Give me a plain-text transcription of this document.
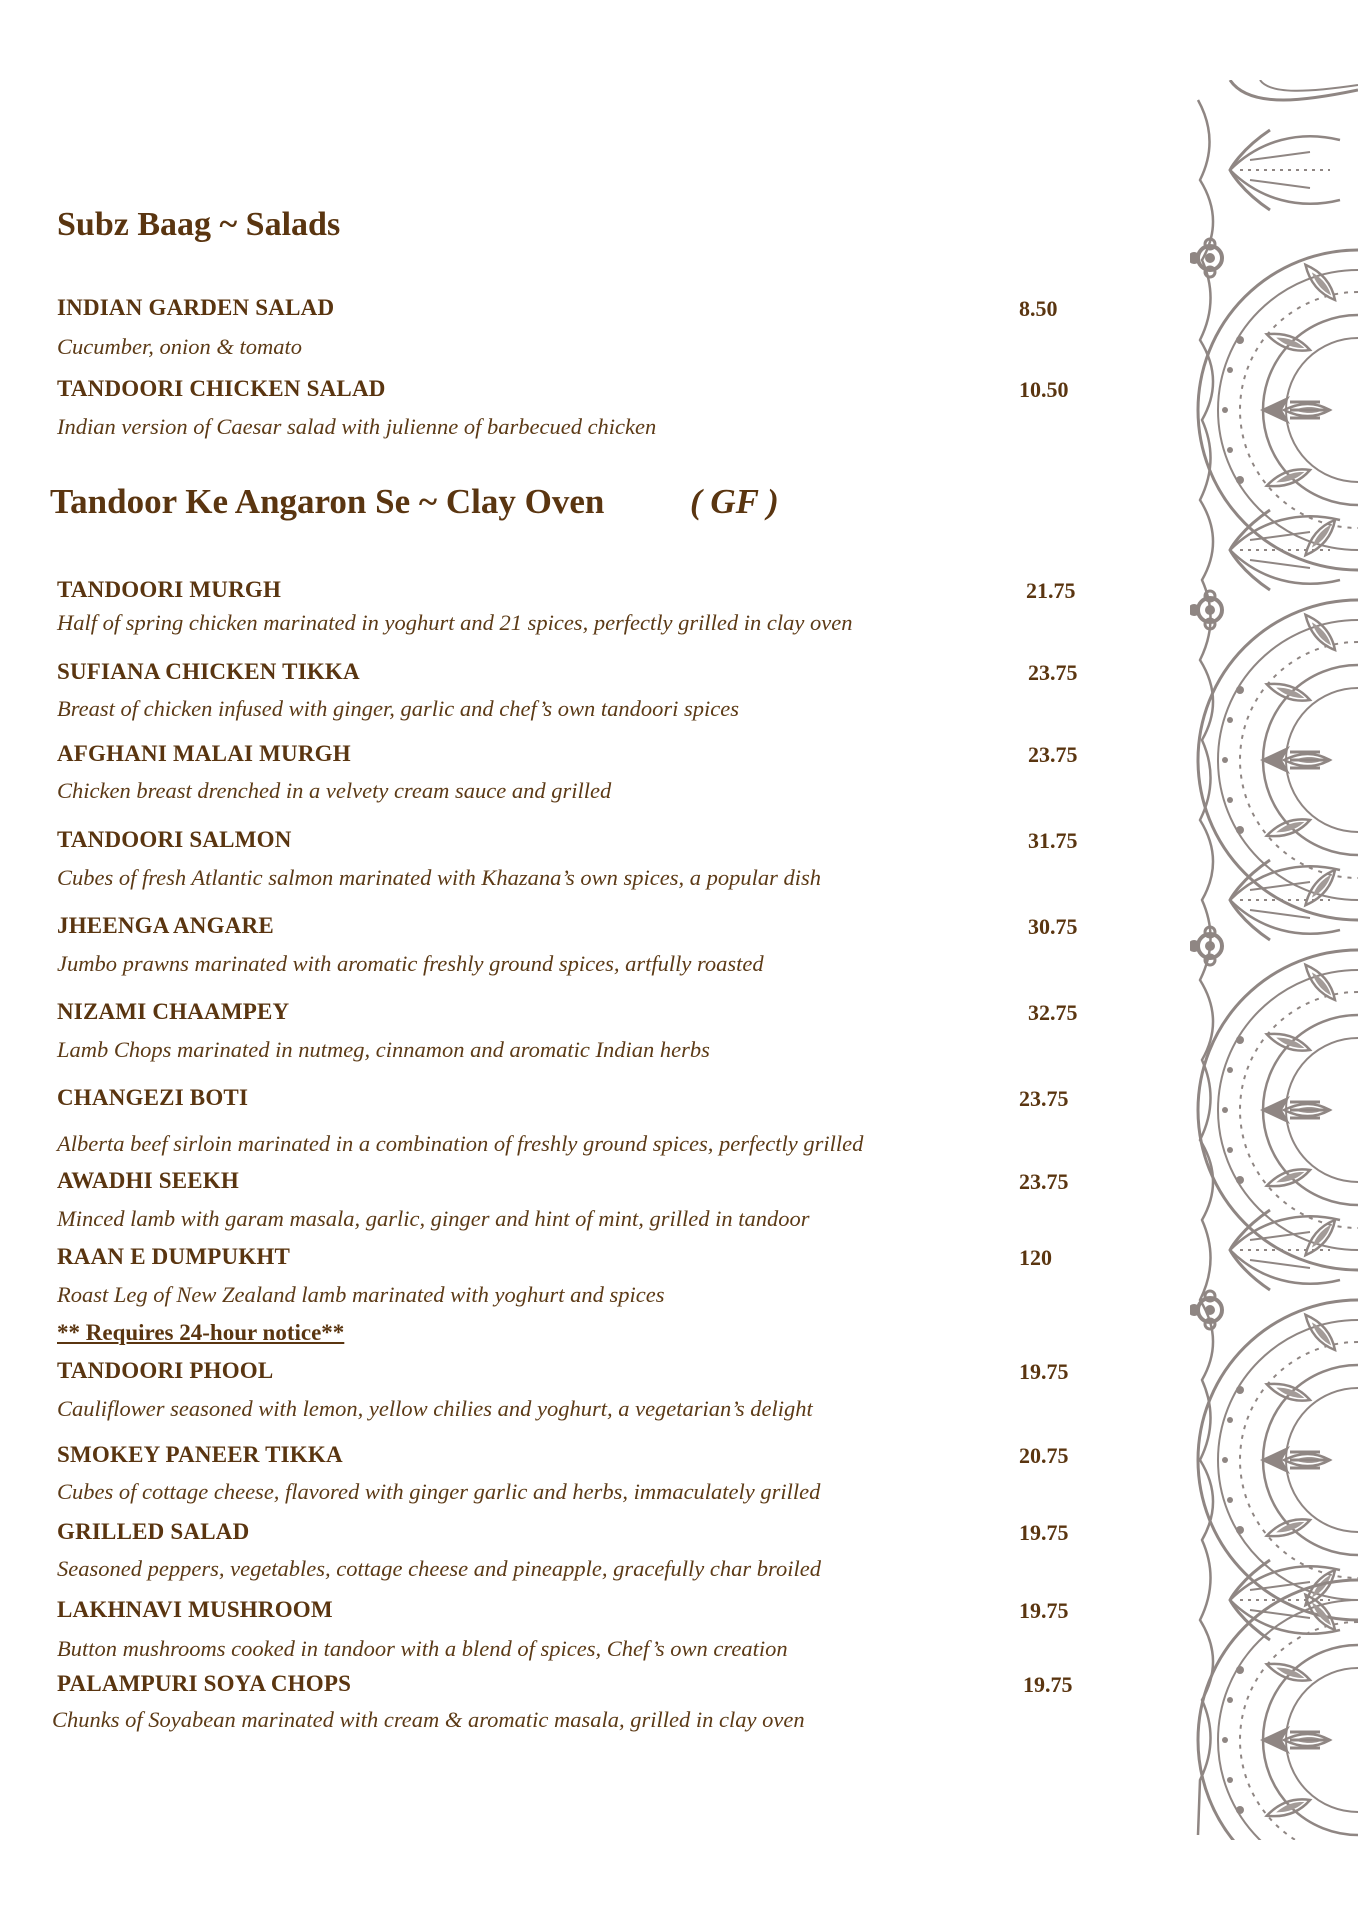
Subz Baag ~ Salads
INDIAN GARDEN SALAD	8.50
Cucumber, onion & tomato
TANDOORI CHICKEN SALAD	10.50
Indian version of Caesar salad with julienne of barbecued chicken
Tandoor Ke Angaron Se ~ Clay Oven ( GF )
TANDOORI MURGH	21.75
Half of spring chicken marinated in yoghurt and 21 spices, perfectly grilled in clay oven
SUFIANA CHICKEN TIKKA	23.75
Breast of chicken infused with ginger, garlic and chef’s own tandoori spices
AFGHANI MALAI MURGH	23.75
Chicken breast drenched in a velvety cream sauce and grilled
TANDOORI SALMON	31.75
Cubes of fresh Atlantic salmon marinated with Khazana’s own spices, a popular dish
JHEENGA ANGARE	30.75
Jumbo prawns marinated with aromatic freshly ground spices, artfully roasted
NIZAMI CHAAMPEY	32.75
Lamb Chops marinated in nutmeg, cinnamon and aromatic Indian herbs
CHANGEZI BOTI	23.75
Alberta beef sirloin marinated in a combination of freshly ground spices, perfectly grilled
AWADHI SEEKH	23.75
Minced lamb with garam masala, garlic, ginger and hint of mint, grilled in tandoor
RAAN E DUMPUKHT	120
Roast Leg of New Zealand lamb marinated with yoghurt and spices
** Requires 24-hour notice**
TANDOORI PHOOL	19.75
Cauliflower seasoned with lemon, yellow chilies and yoghurt, a vegetarian’s delight
SMOKEY PANEER TIKKA	20.75
Cubes of cottage cheese, flavored with ginger garlic and herbs, immaculately grilled
GRILLED SALAD	19.75
Seasoned peppers, vegetables, cottage cheese and pineapple, gracefully char broiled
LAKHNAVI MUSHROOM	19.75
Button mushrooms cooked in tandoor with a blend of spices, Chef’s own creation
PALAMPURI SOYA CHOPS	19.75
Chunks of Soyabean marinated with cream & aromatic masala, grilled in clay oven
